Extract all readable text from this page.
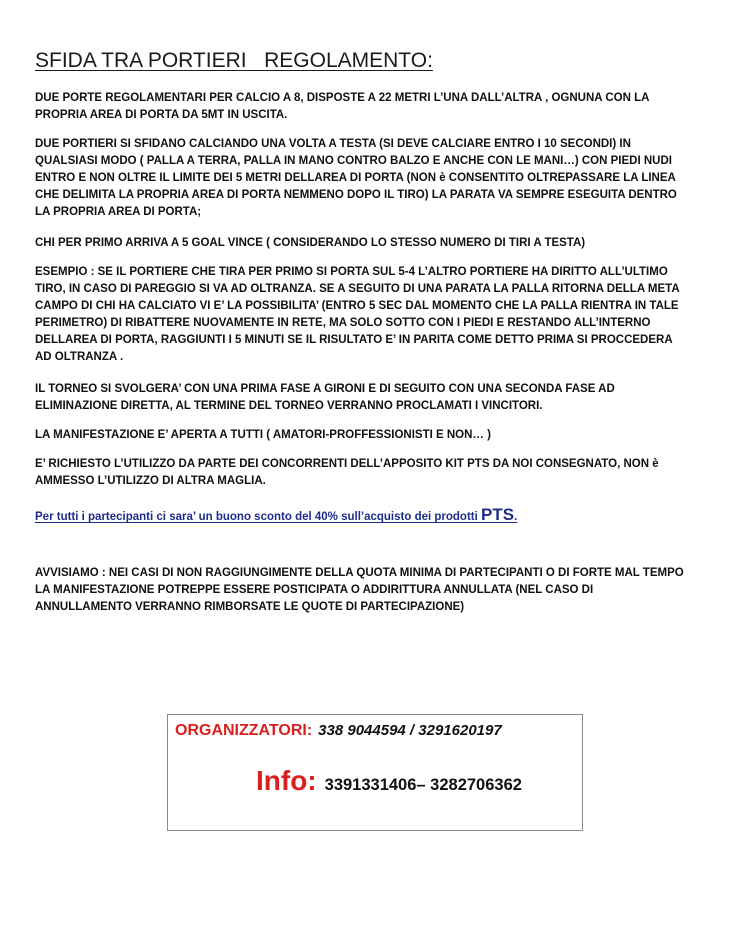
SFIDA TRA PORTIERI   REGOLAMENTO:

DUE PORTE REGOLAMENTARI PER CALCIO A 8, DISPOSTE A 22 METRI L’UNA DALL’ALTRA , OGNUNA CON LA PROPRIA AREA DI PORTA DA 5MT IN USCITA.

DUE PORTIERI SI SFIDANO CALCIANDO UNA VOLTA A TESTA (SI DEVE CALCIARE ENTRO I 10 SECONDI) IN QUALSIASI MODO ( PALLA A TERRA, PALLA IN MANO CONTRO BALZO E ANCHE CON LE MANI…) CON PIEDI NUDI ENTRO E NON OLTRE IL LIMITE DEI 5 METRI DELLAREA DI PORTA (NON è CONSENTITO OLTREPASSARE LA LINEA CHE DELIMITA LA PROPRIA AREA DI PORTA NEMMENO DOPO IL TIRO) LA PARATA VA SEMPRE ESEGUITA DENTRO LA PROPRIA AREA DI PORTA;

CHI PER PRIMO ARRIVA A 5 GOAL VINCE ( CONSIDERANDO LO STESSO NUMERO DI TIRI A TESTA)

ESEMPIO : SE IL PORTIERE CHE TIRA PER PRIMO SI PORTA SUL 5-4 L’ALTRO PORTIERE HA DIRITTO ALL’ULTIMO TIRO, IN CASO DI PAREGGIO SI VA AD OLTRANZA. SE A SEGUITO DI UNA PARATA LA PALLA RITORNA DELLA META CAMPO DI CHI HA CALCIATO VI E’ LA POSSIBILITA’ (ENTRO 5 SEC DAL MOMENTO CHE LA PALLA RIENTRA IN TALE PERIMETRO) DI RIBATTERE NUOVAMENTE IN RETE, MA SOLO SOTTO CON I PIEDI E RESTANDO ALL’INTERNO DELLAREA DI PORTA, RAGGIUNTI I 5 MINUTI SE IL RISULTATO E’ IN PARITA COME DETTO PRIMA SI PROCCEDERA AD OLTRANZA .

IL TORNEO SI SVOLGERA’ CON UNA PRIMA FASE A GIRONI E DI SEGUITO CON UNA SECONDA FASE AD ELIMINAZIONE DIRETTA, AL TERMINE DEL TORNEO VERRANNO PROCLAMATI I VINCITORI.

LA MANIFESTAZIONE E’ APERTA A TUTTI ( AMATORI-PROFFESSIONISTI E NON… )

E’ RICHIESTO L’UTILIZZO DA PARTE DEI CONCORRENTI DELL’APPOSITO KIT PTS DA NOI CONSEGNATO, NON è AMMESSO L’UTILIZZO DI ALTRA MAGLIA.

Per tutti i partecipanti ci sara’ un buono sconto del 40% sull’acquisto dei prodotti PTS.

AVVISIAMO : NEI CASI DI NON RAGGIUNGIMENTE DELLA QUOTA MINIMA DI PARTECIPANTI O DI FORTE MAL TEMPO LA MANIFESTAZIONE POTREPPE ESSERE POSTICIPATA O ADDIRITTURA ANNULLATA (NEL CASO DI ANNULLAMENTO VERRANNO RIMBORSATE LE QUOTE DI PARTECIPAZIONE)

ORGANIZZATORI: 338 9044594 / 3291620197
Info: 3391331406– 3282706362
